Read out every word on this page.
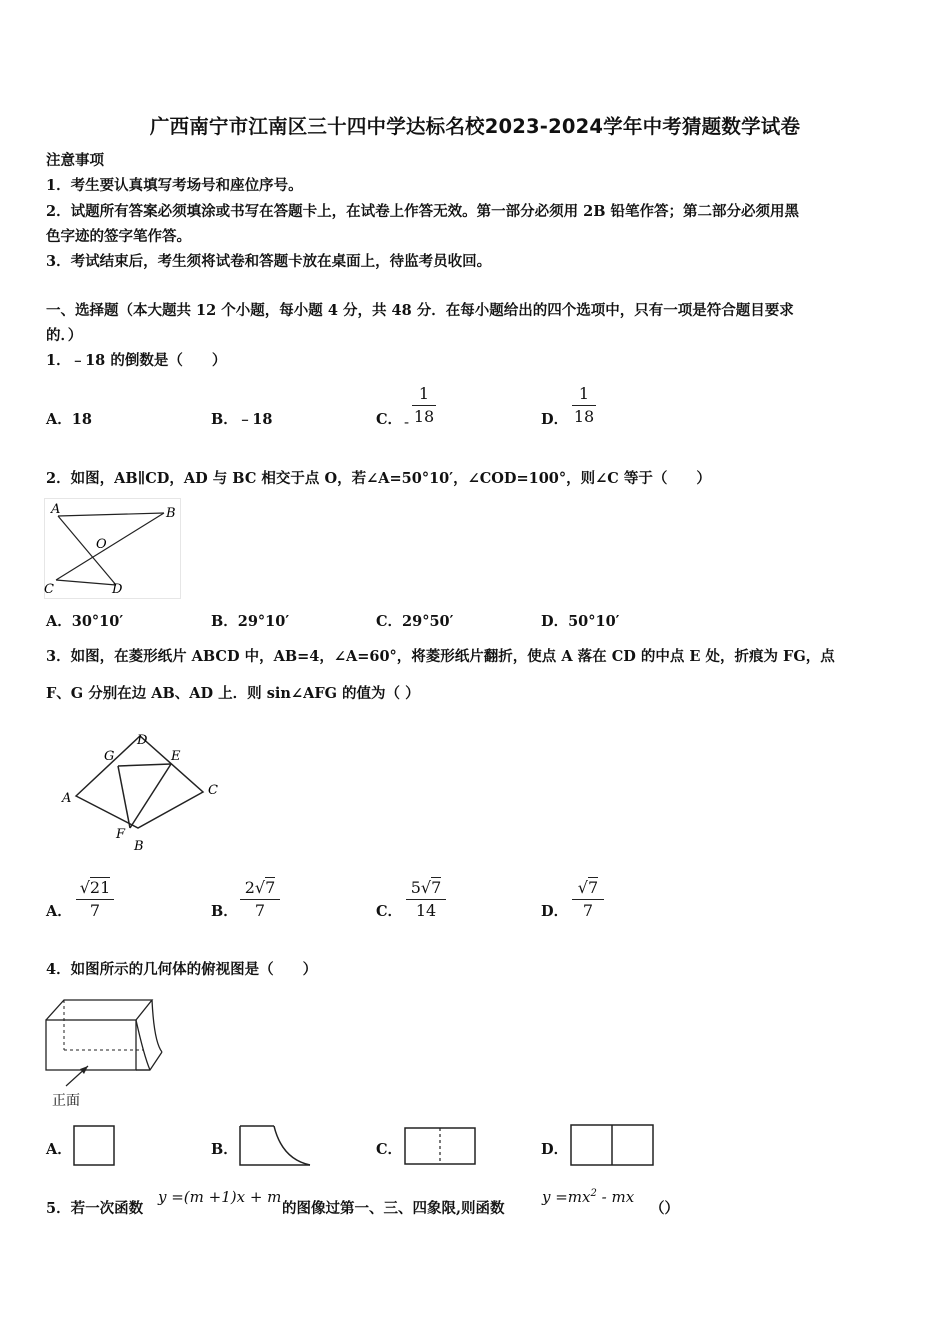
广西南宁市江南区三十四中学达标名校2023-2024学年中考猜题数学试卷
注意事项
1．考生要认真填写考场号和座位序号。
2．试题所有答案必须填涂或书写在答题卡上，在试卷上作答无效。第一部分必须用 2B 铅笔作答；第二部分必须用黑
色字迹的签字笔作答。
3．考试结束后，考生须将试卷和答题卡放在桌面上，待监考员收回。
一、选择题（本大题共 12 个小题，每小题 4 分，共 48 分．在每小题给出的四个选项中，只有一项是符合题目要求
的．）
1．﹣18 的倒数是（　　）
A．18	B．﹣18	C． -
1
18	D．
1
18
2．如图，AB∥CD，AD 与 BC 相交于点 O，若∠A=50°10′，∠COD=100°，则∠C 等于（　　）
A	B
C	D
O
A．30°10′	B．29°10′	C．29°50′	D．50°10′
3．如图，在菱形纸片 ABCD 中，AB=4，∠A=60°，将菱形纸片翻折，使点 A 落在 CD 的中点 E 处，折痕为 FG，点
F、G 分别在边 AB、AD 上．则 sin∠AFG 的值为（ ）
A
B
C
D
E
F
G
A．
√21
7	B．
2√7
7	C．
5√7
14	D．
√7
7
4．如图所示的几何体的俯视图是（　　）
正面
A．	B．	C．	D．
5．若一次函数
y =(m +1)x + m
的图像过第一、三、四象限,则函数
$y =mx^2$ - mx
（）
